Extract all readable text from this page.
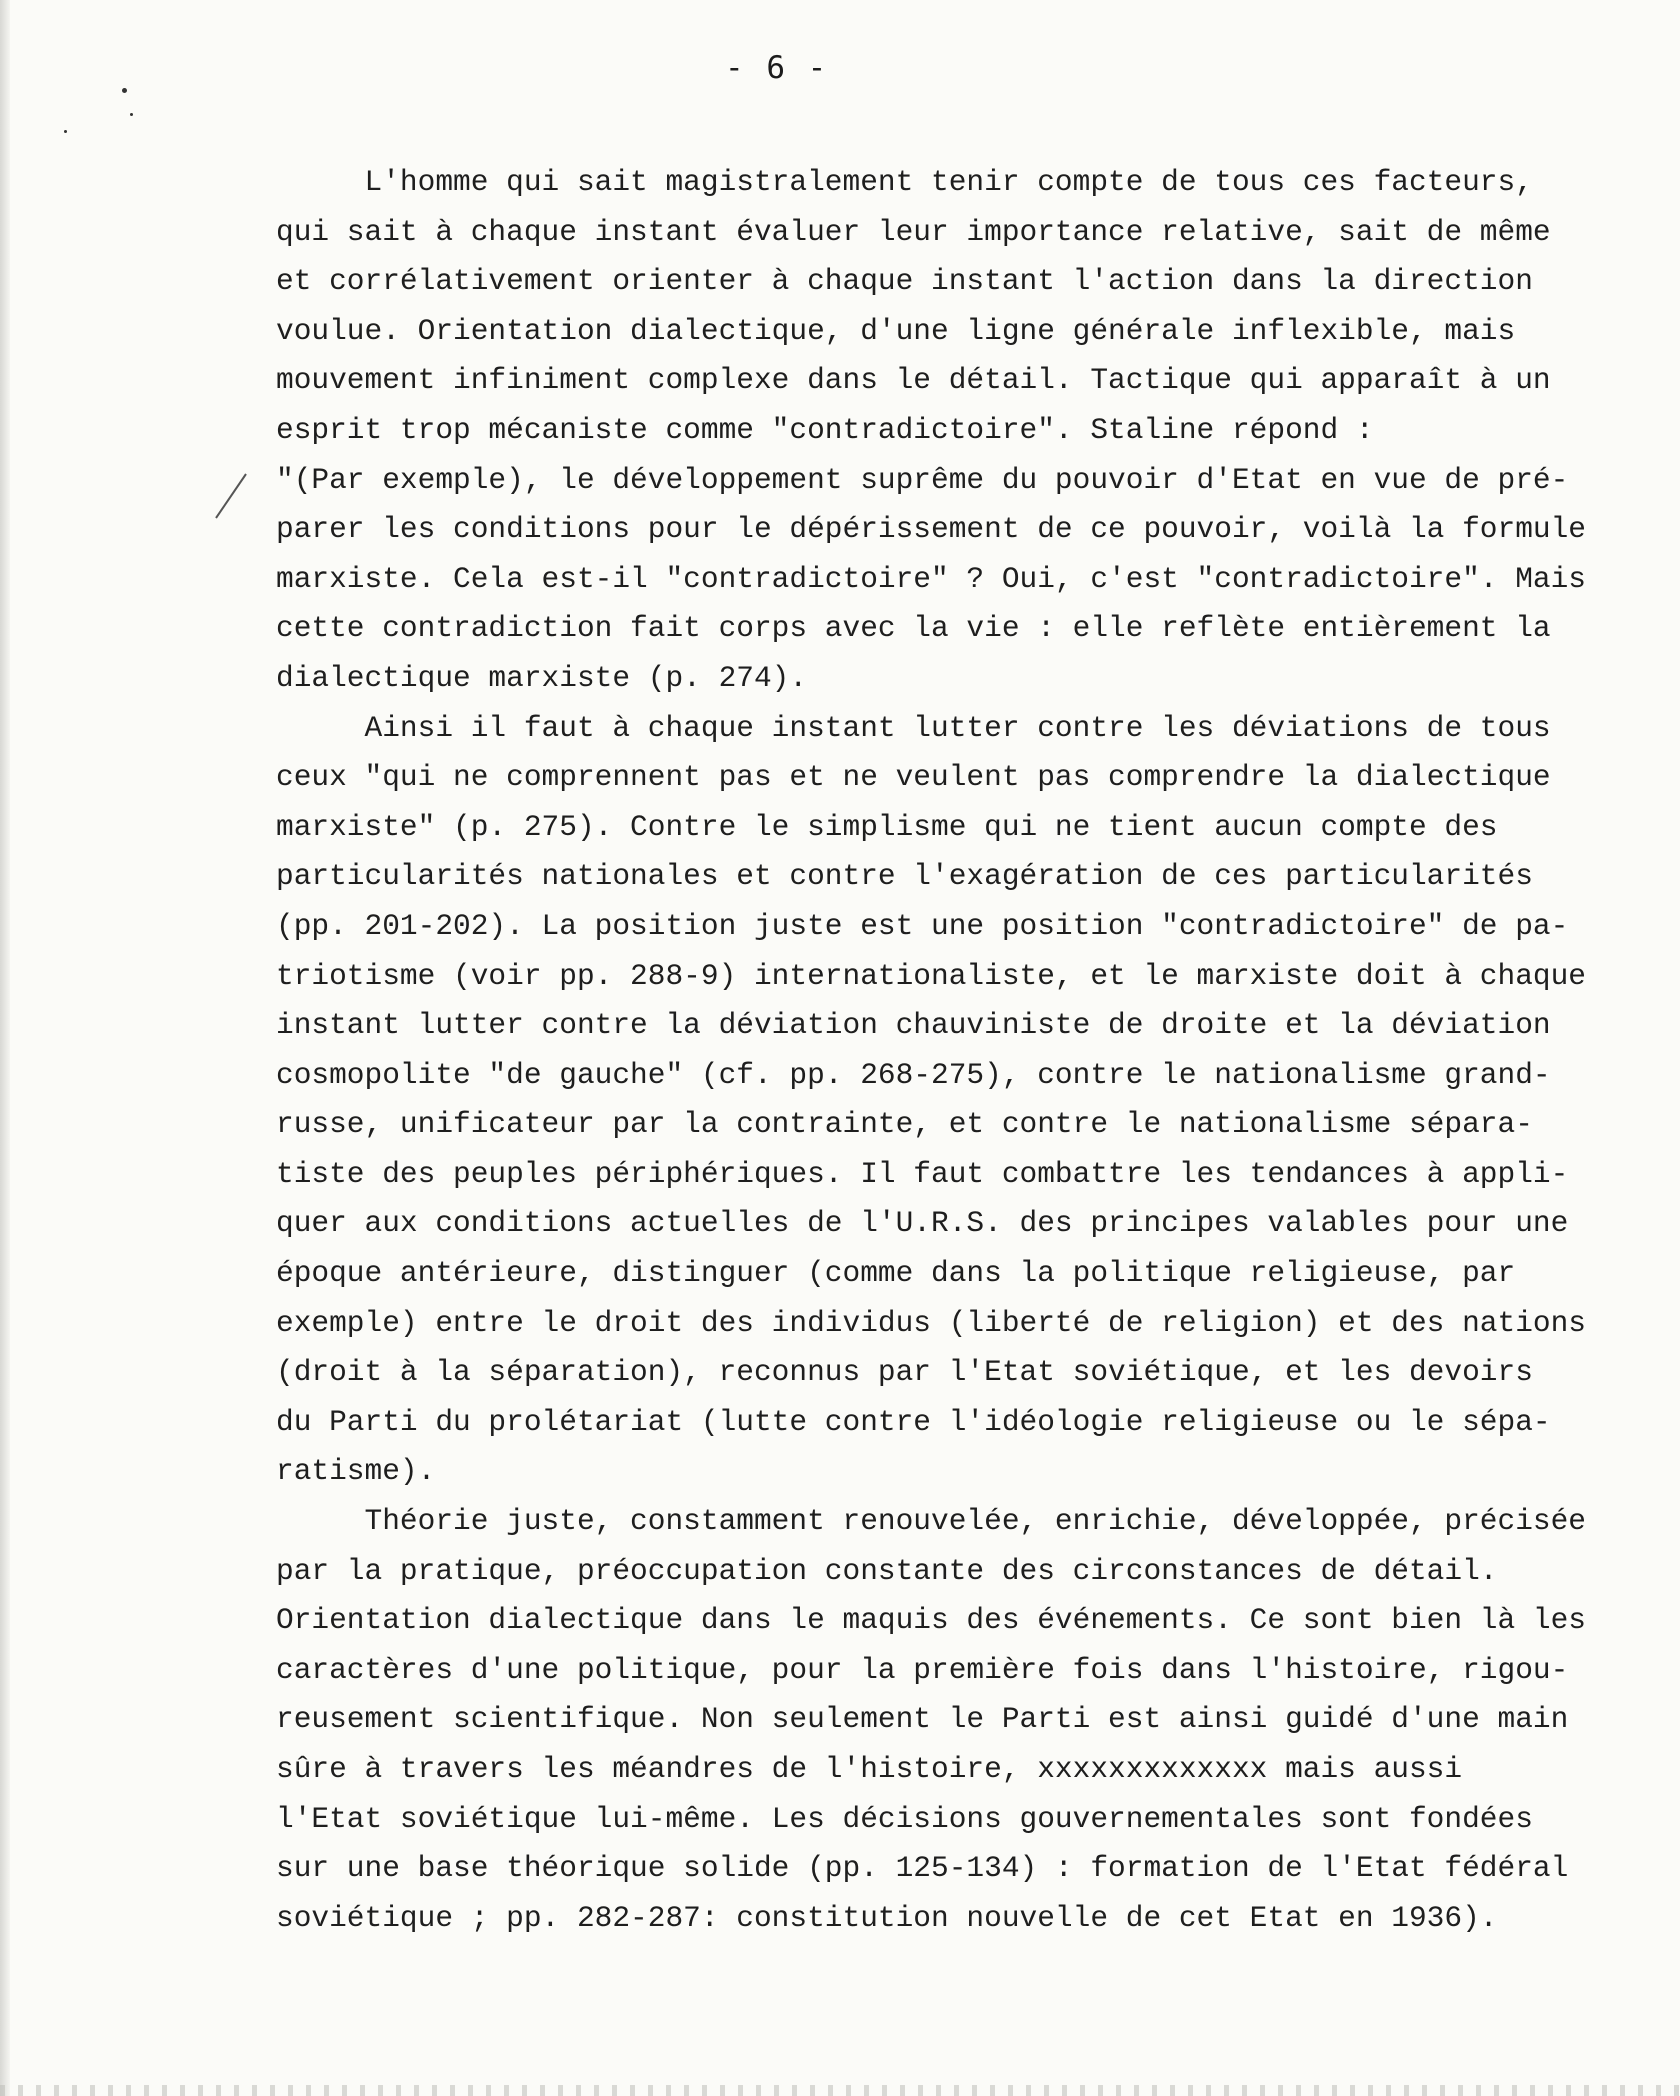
- 6 -
L'homme qui sait magistralement tenir compte de tous ces facteurs,
qui sait à chaque instant évaluer leur importance relative, sait de même
et corrélativement orienter à chaque instant l'action dans la direction
voulue. Orientation dialectique, d'une ligne générale inflexible, mais
mouvement infiniment complexe dans le détail. Tactique qui apparaît à un
esprit trop mécaniste comme "contradictoire". Staline répond :
"(Par exemple), le développement suprême du pouvoir d'Etat en vue de pré-
parer les conditions pour le dépérissement de ce pouvoir, voilà la formule
marxiste. Cela est-il "contradictoire" ? Oui, c'est "contradictoire". Mais
cette contradiction fait corps avec la vie : elle reflète entièrement la
dialectique marxiste (p. 274).
Ainsi il faut à chaque instant lutter contre les déviations de tous
ceux "qui ne comprennent pas et ne veulent pas comprendre la dialectique
marxiste" (p. 275). Contre le simplisme qui ne tient aucun compte des
particularités nationales et contre l'exagération de ces particularités
(pp. 201-202). La position juste est une position "contradictoire" de pa-
triotisme (voir pp. 288-9) internationaliste, et le marxiste doit à chaque
instant lutter contre la déviation chauviniste de droite et la déviation
cosmopolite "de gauche" (cf. pp. 268-275), contre le nationalisme grand-
russe, unificateur par la contrainte, et contre le nationalisme sépara-
tiste des peuples périphériques. Il faut combattre les tendances à appli-
quer aux conditions actuelles de l'U.R.S. des principes valables pour une
époque antérieure, distinguer (comme dans la politique religieuse, par
exemple) entre le droit des individus (liberté de religion) et des nations
(droit à la séparation), reconnus par l'Etat soviétique, et les devoirs
du Parti du prolétariat (lutte contre l'idéologie religieuse ou le sépa-
ratisme).
Théorie juste, constamment renouvelée, enrichie, développée, précisée
par la pratique, préoccupation constante des circonstances de détail.
Orientation dialectique dans le maquis des événements. Ce sont bien là les
caractères d'une politique, pour la première fois dans l'histoire, rigou-
reusement scientifique. Non seulement le Parti est ainsi guidé d'une main
sûre à travers les méandres de l'histoire, xxxxxxxxxxxxx mais aussi
l'Etat soviétique lui-même. Les décisions gouvernementales sont fondées
sur une base théorique solide (pp. 125-134) : formation de l'Etat fédéral
soviétique ; pp. 282-287: constitution nouvelle de cet Etat en 1936).
